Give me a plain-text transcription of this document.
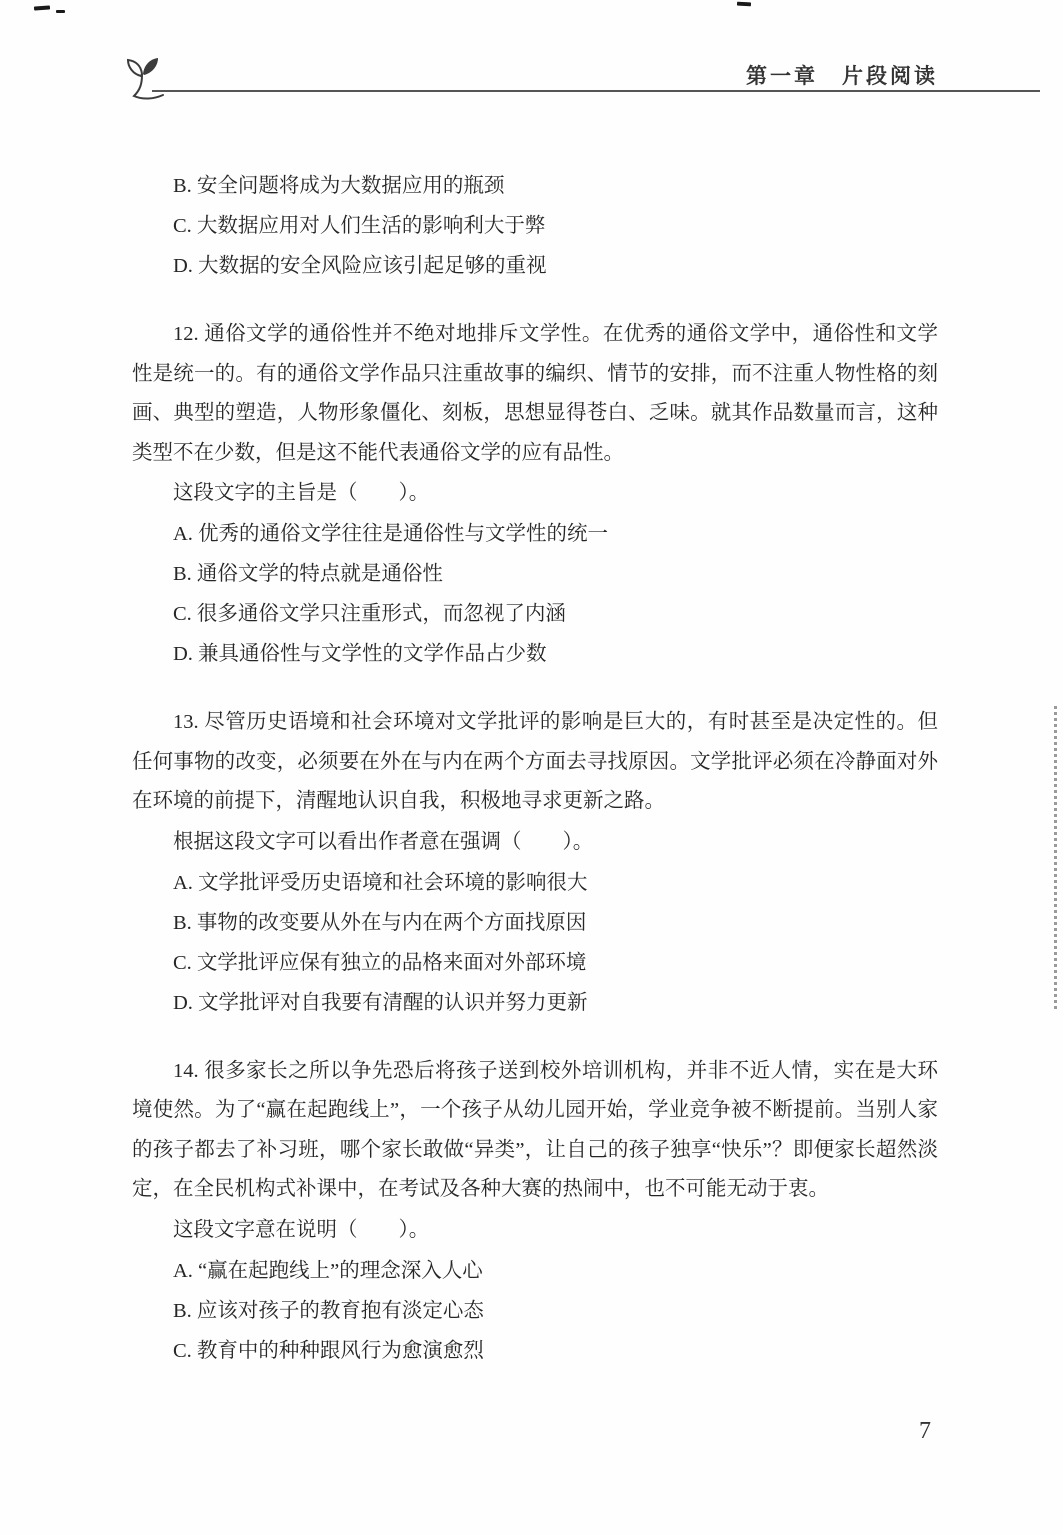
第一章　片段阅读

B. 安全问题将成为大数据应用的瓶颈

C. 大数据应用对人们生活的影响利大于弊

D. 大数据的安全风险应该引起足够的重视

12. 通俗文学的通俗性并不绝对地排斥文学性。在优秀的通俗文学中，通俗性和文学性是统一的。有的通俗文学作品只注重故事的编织、情节的安排，而不注重人物性格的刻画、典型的塑造，人物形象僵化、刻板，思想显得苍白、乏味。就其作品数量而言，这种类型不在少数，但是这不能代表通俗文学的应有品性。

这段文字的主旨是（　　）。

A. 优秀的通俗文学往往是通俗性与文学性的统一

B. 通俗文学的特点就是通俗性

C. 很多通俗文学只注重形式，而忽视了内涵

D. 兼具通俗性与文学性的文学作品占少数

13. 尽管历史语境和社会环境对文学批评的影响是巨大的，有时甚至是决定性的。但任何事物的改变，必须要在外在与内在两个方面去寻找原因。文学批评必须在冷静面对外在环境的前提下，清醒地认识自我，积极地寻求更新之路。

根据这段文字可以看出作者意在强调（　　）。

A. 文学批评受历史语境和社会环境的影响很大

B. 事物的改变要从外在与内在两个方面找原因

C. 文学批评应保有独立的品格来面对外部环境

D. 文学批评对自我要有清醒的认识并努力更新

14. 很多家长之所以争先恐后将孩子送到校外培训机构，并非不近人情，实在是大环境使然。为了“赢在起跑线上”，一个孩子从幼儿园开始，学业竞争被不断提前。当别人家的孩子都去了补习班，哪个家长敢做“异类”，让自己的孩子独享“快乐”？即便家长超然淡定，在全民机构式补课中，在考试及各种大赛的热闹中，也不可能无动于衷。

这段文字意在说明（　　）。

A. “赢在起跑线上”的理念深入人心

B. 应该对孩子的教育抱有淡定心态

C. 教育中的种种跟风行为愈演愈烈

7
